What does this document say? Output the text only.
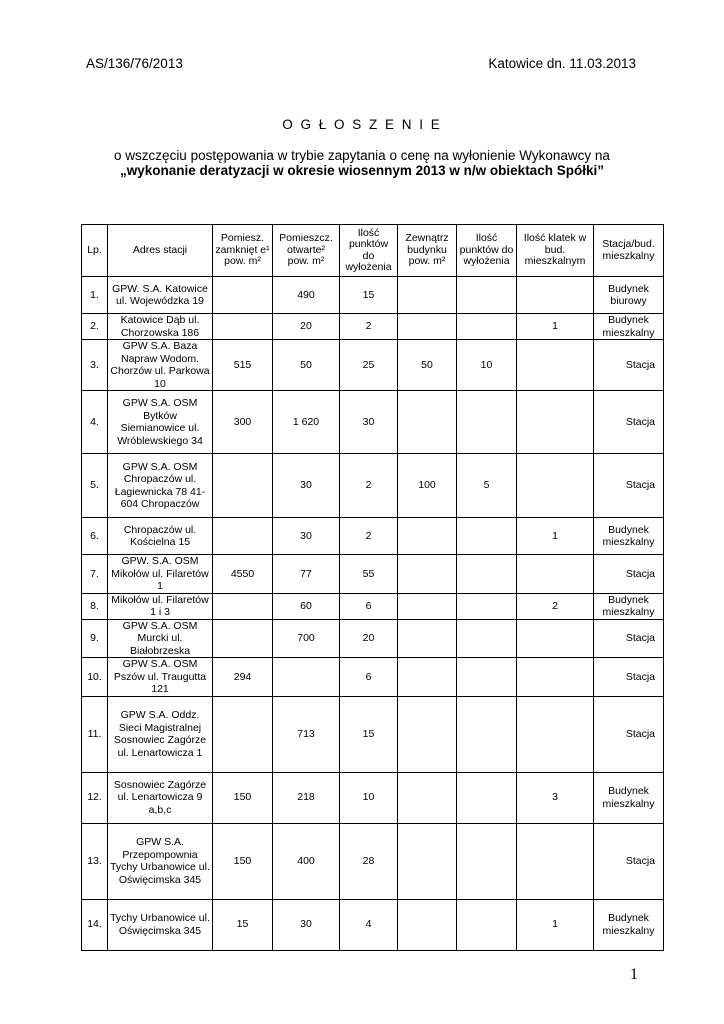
AS/136/76/2013	Katowice dn. 11.03.2013
O G Ł O S Z E N I E
o wszczęciu postępowania w trybie zapytania o cenę na wyłonienie Wykonawcy na
„wykonanie deratyzacji w okresie wiosennym 2013 w n/w obiektach Spółki”
Lp.	Adres stacji	Pomiesz. zamknięt e¹ pow. m²	Pomieszcz. otwarte² pow. m²	Ilość punktów do wyłożenia	Zewnątrz budynku pow. m²	Ilość punktów do wyłożenia	Ilość klatek w bud. mieszkalnym	Stacja/bud. mieszkalny
1.	GPW. S.A. Katowice ul. Wojewódzka 19		490	15				Budynek biurowy
2.	Katowice Dąb ul. Chorzowska 186		20	2			1	Budynek mieszkalny
3.	GPW S.A. Baza Napraw Wodom. Chorzów ul. Parkowa 10	515	50	25	50	10		Stacja
4.	GPW S.A. OSM Bytków Siemianowice ul. Wróblewskiego 34	300	1 620	30				Stacja
5.	GPW S.A. OSM Chropaczów ul. Łagiewnicka 78 41-604 Chropaczów		30	2	100	5		Stacja
6.	Chropaczów ul. Kościelna 15		30	2			1	Budynek mieszkalny
7.	GPW. S.A. OSM Mikołów ul. Filaretów 1	4550	77	55				Stacja
8.	Mikołów ul. Filaretów 1 i 3		60	6			2	Budynek mieszkalny
9.	GPW S.A. OSM Murcki ul. Białobrzeska		700	20				Stacja
10.	GPW S.A. OSM Pszów ul. Traugutta 121	294		6				Stacja
11.	GPW S.A. Oddz. Sieci Magistralnej Sosnowiec Zagórze ul. Lenartowicza 1		713	15				Stacja
12.	Sosnowiec Zagórze ul. Lenartowicza 9 a,b,c	150	218	10			3	Budynek mieszkalny
13.	GPW S.A. Przepompownia Tychy Urbanowice ul. Oświęcimska 345	150	400	28				Stacja
14.	Tychy Urbanowice ul. Oświęcimska 345	15	30	4			1	Budynek mieszkalny
1
